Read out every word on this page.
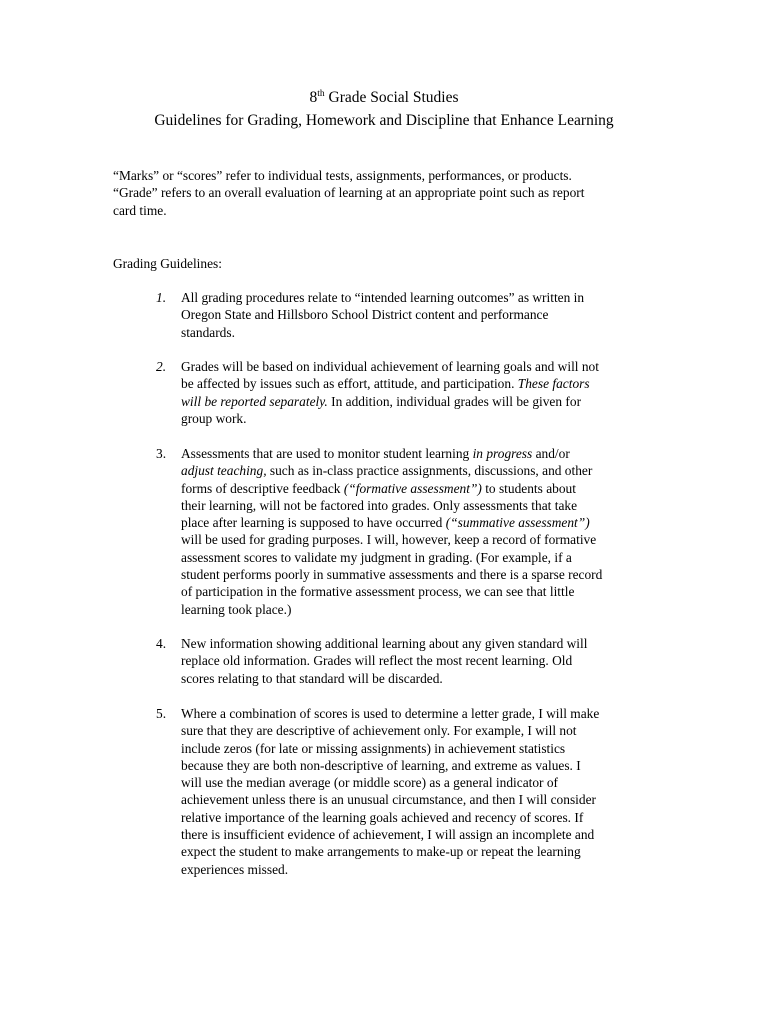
8th Grade Social Studies
Guidelines for Grading, Homework and Discipline that Enhance Learning

“Marks” or “scores” refer to individual tests, assignments, performances, or products.

“Grade” refers to an overall evaluation of learning at an appropriate point such as report

card time.

Grading Guidelines:
1.	All grading procedures relate to “intended learning outcomes” as written in
Oregon State and Hillsboro School District content and performance
standards.
2.	Grades will be based on individual achievement of learning goals and will not
be affected by issues such as effort, attitude, and participation. These factors
will be reported separately. In addition, individual grades will be given for
group work.
3.	Assessments that are used to monitor student learning in progress and/or
adjust teaching, such as in-class practice assignments, discussions, and other
forms of descriptive feedback (“formative assessment”) to students about
their learning, will not be factored into grades. Only assessments that take
place after learning is supposed to have occurred (“summative assessment”)
will be used for grading purposes. I will, however, keep a record of formative
assessment scores to validate my judgment in grading. (For example, if a
student performs poorly in summative assessments and there is a sparse record
of participation in the formative assessment process, we can see that little
learning took place.)
4.	New information showing additional learning about any given standard will
replace old information. Grades will reflect the most recent learning. Old
scores relating to that standard will be discarded.
5.	Where a combination of scores is used to determine a letter grade, I will make
sure that they are descriptive of achievement only. For example, I will not
include zeros (for late or missing assignments) in achievement statistics
because they are both non-descriptive of learning, and extreme as values. I
will use the median average (or middle score) as a general indicator of
achievement unless there is an unusual circumstance, and then I will consider
relative importance of the learning goals achieved and recency of scores. If
there is insufficient evidence of achievement, I will assign an incomplete and
expect the student to make arrangements to make-up or repeat the learning
experiences missed.
